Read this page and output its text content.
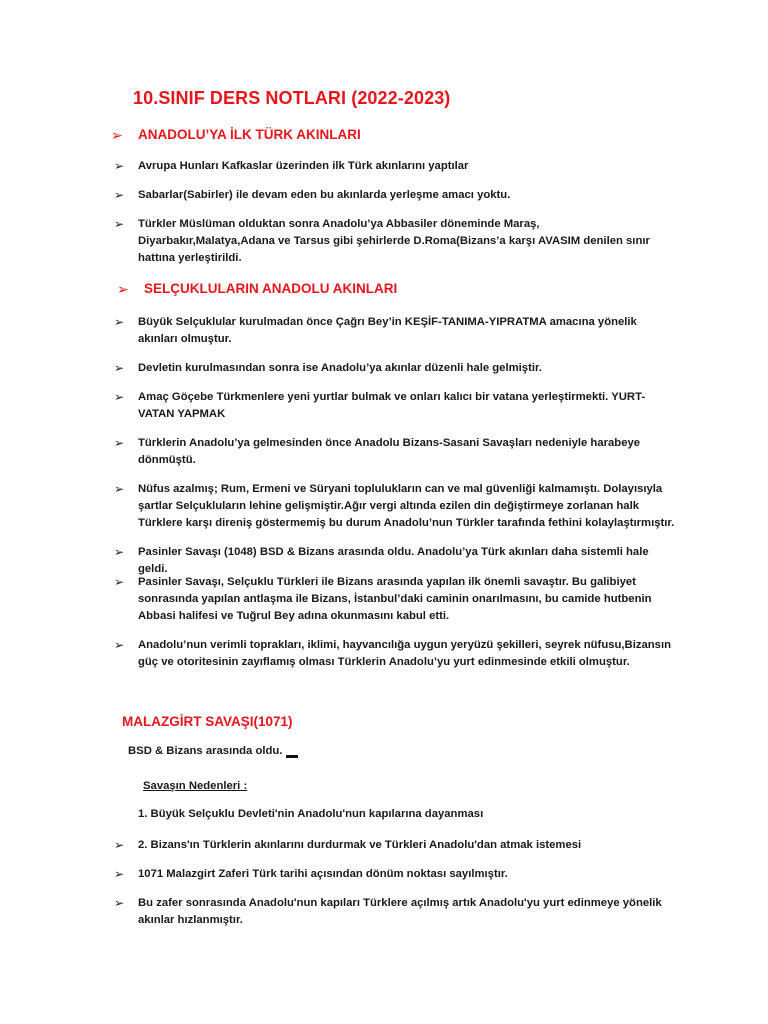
10.SINIF DERS NOTLARI (2022-2023)
➢ ANADOLU’YA İLK TÜRK AKINLARI
➢ Avrupa Hunları Kafkaslar üzerinden ilk Türk akınlarını yaptılar
➢ Sabarlar(Sabirler) ile devam eden bu akınlarda yerleşme amacı yoktu.
➢ Türkler Müslüman olduktan sonra Anadolu’ya Abbasiler döneminde Maraş, Diyarbakır,Malatya,Adana ve Tarsus gibi şehirlerde D.Roma(Bizans’a karşı AVASIM denilen sınır hattına yerleştirildi.
➢ SELÇUKLULARIN ANADOLU AKINLARI
➢ Büyük Selçuklular kurulmadan önce Çağrı Bey’in KEŞİF-TANIMA-YIPRATMA amacına yönelik akınları olmuştur.
➢ Devletin kurulmasından sonra ise Anadolu’ya akınlar düzenli hale gelmiştir.
➢ Amaç Göçebe Türkmenlere yeni yurtlar bulmak ve onları kalıcı bir vatana yerleştirmekti. YURT-VATAN YAPMAK
➢ Türklerin Anadolu’ya gelmesinden önce Anadolu Bizans-Sasani Savaşları nedeniyle harabeye dönmüştü.
➢ Nüfus azalmış; Rum, Ermeni ve Süryani toplulukların can ve mal güvenliği kalmamıştı. Dolayısıyla şartlar Selçukluların lehine gelişmiştir.Ağır vergi altında ezilen din değiştirmeye zorlanan halk Türklere karşı direniş göstermemiş bu durum Anadolu’nun Türkler tarafında fethini kolaylaştırmıştır.
➢ Pasinler Savaşı (1048) BSD & Bizans arasında oldu. Anadolu’ya Türk akınları daha sistemli hale geldi.
➢ Pasinler Savaşı, Selçuklu Türkleri ile Bizans arasında yapılan ilk önemli savaştır. Bu galibiyet sonrasında yapılan antlaşma ile Bizans, İstanbul’daki caminin onarılmasını, bu camide hutbenin Abbasi halifesi ve Tuğrul Bey adına okunmasını kabul etti.
➢ Anadolu’nun verimli toprakları, iklimi, hayvancılığa uygun yeryüzü şekilleri, seyrek nüfusu,Bizansın güç ve otoritesinin zayıflamış olması Türklerin Anadolu’yu yurt edinmesinde etkili olmuştur.
MALAZGİRT SAVAŞI(1071)
BSD & Bizans arasında oldu.
Savaşın Nedenleri :
1. Büyük Selçuklu Devleti'nin Anadolu'nun kapılarına dayanması
➢ 2. Bizans'ın Türklerin akınlarını durdurmak ve Türkleri Anadolu'dan atmak istemesi
➢ 1071 Malazgirt Zaferi Türk tarihi açısından dönüm noktası sayılmıştır.
➢ Bu zafer sonrasında Anadolu'nun kapıları Türklere açılmış artık Anadolu'yu yurt edinmeye yönelik akınlar hızlanmıştır.
